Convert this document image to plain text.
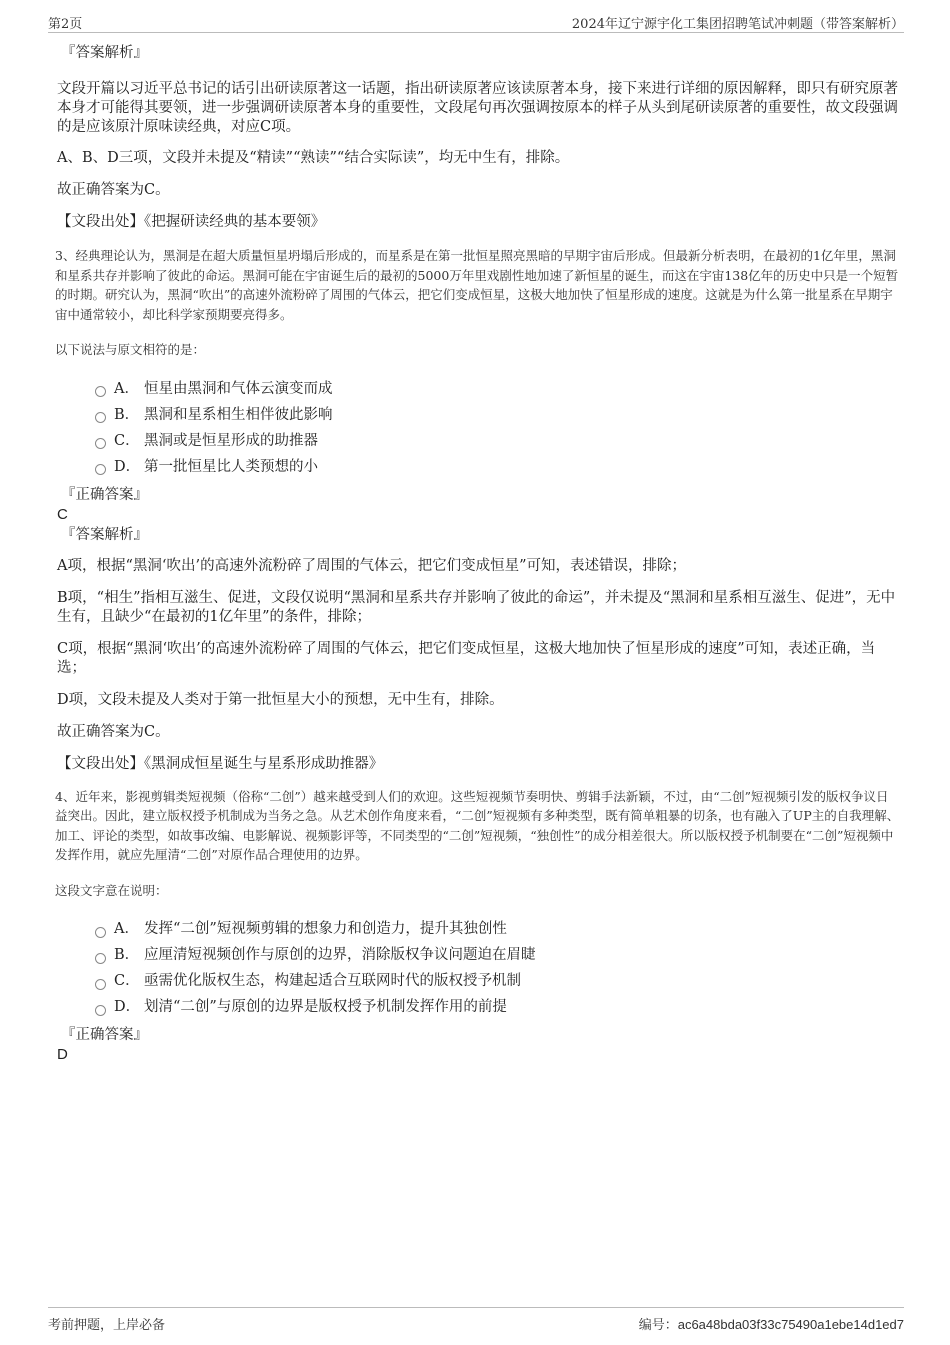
第2页	2024年辽宁源宇化工集团招聘笔试冲刺题（带答案解析）
『答案解析』

文段开篇以习近平总书记的话引出研读原著这一话题，指出研读原著应该读原著本身，接下来进行详细的原因解释，即只有研究原著本身才可能得其要领，进一步强调研读原著本身的重要性，文段尾句再次强调按原本的样子从头到尾研读原著的重要性，故文段强调的是应该原汁原味读经典，对应C项。

A、B、D三项，文段并未提及“精读”“熟读”“结合实际读”，均无中生有，排除。

故正确答案为C。

【文段出处】《把握研读经典的基本要领》

3、经典理论认为，黑洞是在超大质量恒星坍塌后形成的，而星系是在第一批恒星照亮黑暗的早期宇宙后形成。但最新分析表明，在最初的1亿年里，黑洞和星系共存并影响了彼此的命运。黑洞可能在宇宙诞生后的最初的5000万年里戏剧性地加速了新恒星的诞生，而这在宇宙138亿年的历史中只是一个短暂的时期。研究认为，黑洞“吹出”的高速外流粉碎了周围的气体云，把它们变成恒星，这极大地加快了恒星形成的速度。这就是为什么第一批星系在早期宇宙中通常较小，却比科学家预期要亮得多。

以下说法与原文相符的是：

A． 恒星由黑洞和气体云演变而成
B． 黑洞和星系相生相伴彼此影响
C． 黑洞或是恒星形成的助推器
D． 第一批恒星比人类预想的小
『正确答案』
C
『答案解析』

A项，根据“黑洞‘吹出’的高速外流粉碎了周围的气体云，把它们变成恒星”可知，表述错误，排除；

B项，“相生”指相互滋生、促进，文段仅说明“黑洞和星系共存并影响了彼此的命运”，并未提及“黑洞和星系相互滋生、促进”，无中生有，且缺少“在最初的1亿年里”的条件，排除；

C项，根据“黑洞‘吹出’的高速外流粉碎了周围的气体云，把它们变成恒星，这极大地加快了恒星形成的速度”可知，表述正确，当选；

D项，文段未提及人类对于第一批恒星大小的预想，无中生有，排除。

故正确答案为C。

【文段出处】《黑洞成恒星诞生与星系形成助推器》

4、近年来，影视剪辑类短视频（俗称“二创”）越来越受到人们的欢迎。这些短视频节奏明快、剪辑手法新颖，不过，由“二创”短视频引发的版权争议日益突出。因此，建立版权授予机制成为当务之急。从艺术创作角度来看，“二创”短视频有多种类型，既有简单粗暴的切条，也有融入了UP主的自我理解、加工、评论的类型，如故事改编、电影解说、视频影评等，不同类型的“二创”短视频，“独创性”的成分相差很大。所以版权授予机制要在“二创”短视频中发挥作用，就应先厘清“二创”对原作品合理使用的边界。

这段文字意在说明：

A． 发挥“二创”短视频剪辑的想象力和创造力，提升其独创性
B． 应厘清短视频创作与原创的边界，消除版权争议问题迫在眉睫
C． 亟需优化版权生态，构建起适合互联网时代的版权授予机制
D． 划清“二创”与原创的边界是版权授予机制发挥作用的前提
『正确答案』
D
考前押题，上岸必备	编号：ac6a48bda03f33c75490a1ebe14d1ed7
